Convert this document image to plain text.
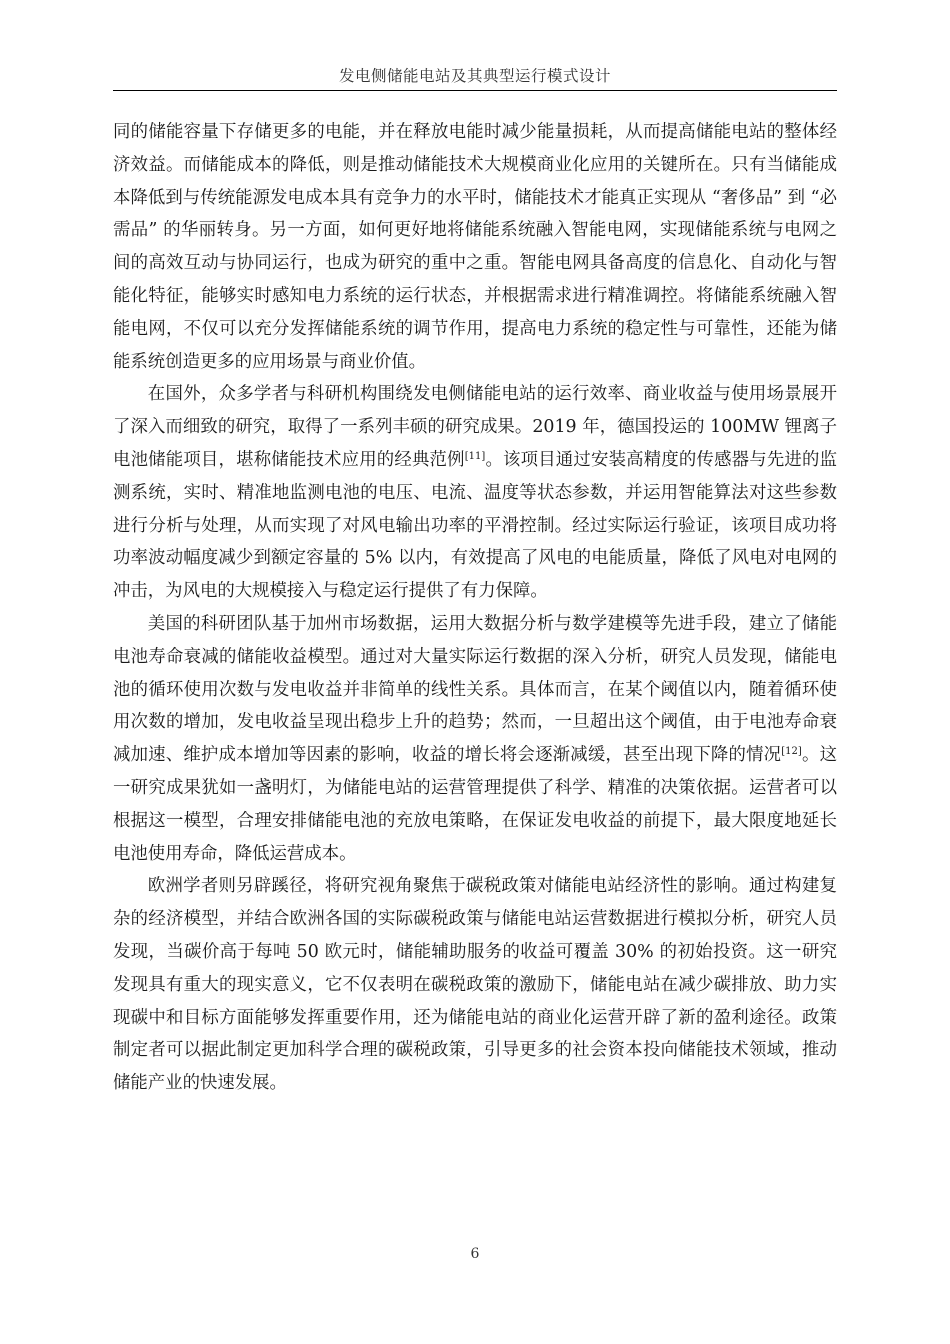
发电侧储能电站及其典型运行模式设计

同的储能容量下存储更多的电能，并在释放电能时减少能量损耗，从而提高储能电站的整体经济效益。而储能成本的降低，则是推动储能技术大规模商业化应用的关键所在。只有当储能成本降低到与传统能源发电成本具有竞争力的水平时，储能技术才能真正实现从 “奢侈品” 到 “必需品” 的华丽转身。另一方面，如何更好地将储能系统融入智能电网，实现储能系统与电网之间的高效互动与协同运行，也成为研究的重中之重。智能电网具备高度的信息化、自动化与智能化特征，能够实时感知电力系统的运行状态，并根据需求进行精准调控。将储能系统融入智能电网，不仅可以充分发挥储能系统的调节作用，提高电力系统的稳定性与可靠性，还能为储能系统创造更多的应用场景与商业价值。

在国外，众多学者与科研机构围绕发电侧储能电站的运行效率、商业收益与使用场景展开了深入而细致的研究，取得了一系列丰硕的研究成果。2019 年，德国投运的 100MW 锂离子电池储能项目，堪称储能技术应用的经典范例[11]。该项目通过安装高精度的传感器与先进的监测系统，实时、精准地监测电池的电压、电流、温度等状态参数，并运用智能算法对这些参数进行分析与处理，从而实现了对风电输出功率的平滑控制。经过实际运行验证，该项目成功将功率波动幅度减少到额定容量的 5% 以内，有效提高了风电的电能质量，降低了风电对电网的冲击，为风电的大规模接入与稳定运行提供了有力保障。

美国的科研团队基于加州市场数据，运用大数据分析与数学建模等先进手段，建立了储能电池寿命衰减的储能收益模型。通过对大量实际运行数据的深入分析，研究人员发现，储能电池的循环使用次数与发电收益并非简单的线性关系。具体而言，在某个阈值以内，随着循环使用次数的增加，发电收益呈现出稳步上升的趋势；然而，一旦超出这个阈值，由于电池寿命衰减加速、维护成本增加等因素的影响，收益的增长将会逐渐减缓，甚至出现下降的情况[12]。这一研究成果犹如一盏明灯，为储能电站的运营管理提供了科学、精准的决策依据。运营者可以根据这一模型，合理安排储能电池的充放电策略，在保证发电收益的前提下，最大限度地延长电池使用寿命，降低运营成本。

欧洲学者则另辟蹊径，将研究视角聚焦于碳税政策对储能电站经济性的影响。通过构建复杂的经济模型，并结合欧洲各国的实际碳税政策与储能电站运营数据进行模拟分析，研究人员发现，当碳价高于每吨 50 欧元时，储能辅助服务的收益可覆盖 30% 的初始投资。这一研究发现具有重大的现实意义，它不仅表明在碳税政策的激励下，储能电站在减少碳排放、助力实现碳中和目标方面能够发挥重要作用，还为储能电站的商业化运营开辟了新的盈利途径。政策制定者可以据此制定更加科学合理的碳税政策，引导更多的社会资本投向储能技术领域，推动储能产业的快速发展。

6
